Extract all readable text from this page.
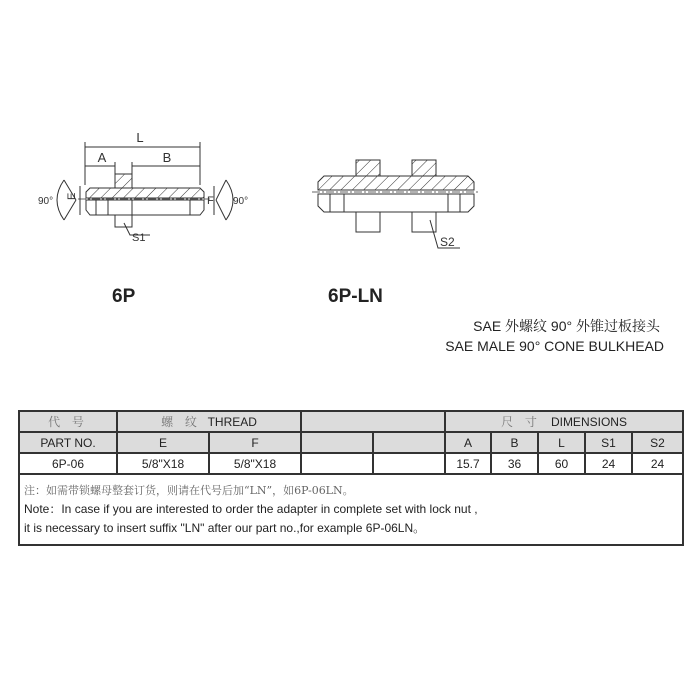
L
A	B
S1
E	F
90°	90°
S2
6P	6P-LN
SAE 外螺纹 90° 外锥过板接头
SAE MALE 90° CONE BULKHEAD
代 号	螺 纹 THREAD				尺 寸 DIMENSIONS				
PART NO.	E	F			A	B	L	S1	S2
6P-06	5/8"X18	5/8"X18			15.7	36	60	24	24

注：如需带锁螺母整套订货，则请在代号后加“LN”，如6P-06LN。
Note：In case if you are interested to order the adapter in complete set with lock nut ,
it is necessary to insert suffix "LN" after our part no.,for example 6P-06LN。									
